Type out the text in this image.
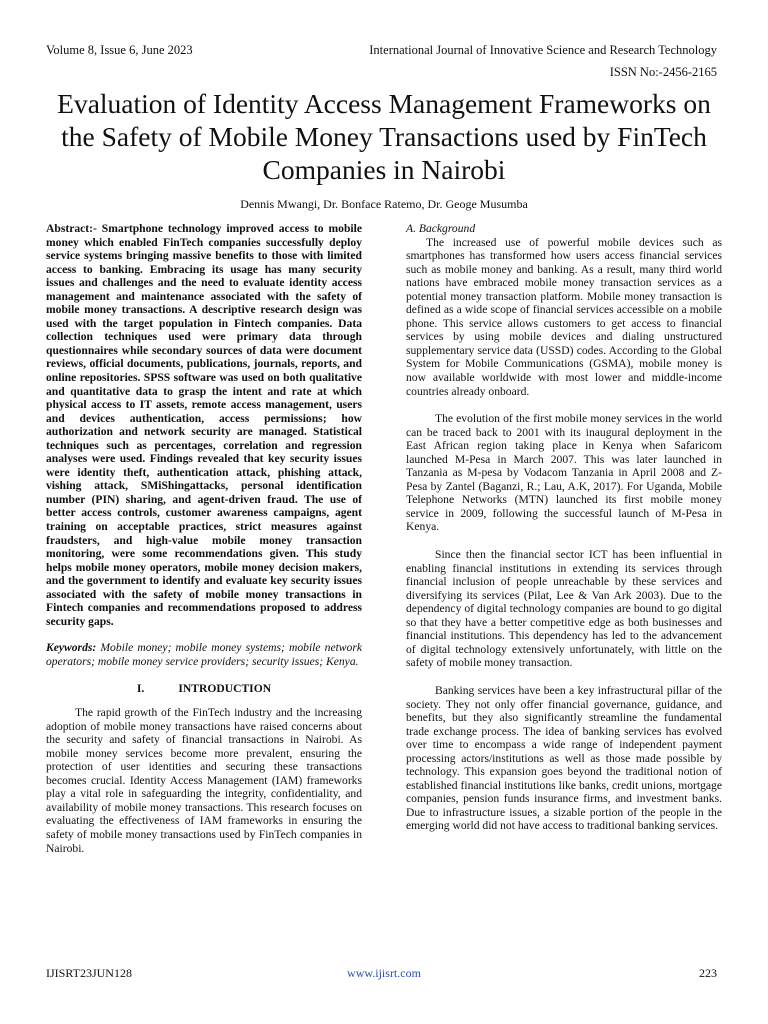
Volume 8, Issue 6, June 2023	International Journal of Innovative Science and Research Technology
ISSN No:-2456-2165
Evaluation of Identity Access Management Frameworks on the Safety of Mobile Money Transactions used by FinTech Companies in Nairobi
Dennis Mwangi, Dr. Bonface Ratemo, Dr. Geoge Musumba

Abstract:- Smartphone technology improved access to mobile money which enabled FinTech companies successfully deploy service systems bringing massive benefits to those with limited access to banking. Embracing its usage has many security issues and challenges and the need to evaluate identity access management and maintenance associated with the safety of mobile money transactions. A descriptive research design was used with the target population in Fintech companies. Data collection techniques used were primary data through questionnaires while secondary sources of data were document reviews, official documents, publications, journals, reports, and online repositories. SPSS software was used on both qualitative and quantitative data to grasp the intent and rate at which physical access to IT assets, remote access management, users and devices authentication, access permissions; how authorization and network security are managed. Statistical techniques such as percentages, correlation and regression analyses were used. Findings revealed that key security issues were identity theft, authentication attack, phishing attack, vishing attack, SMiShingattacks, personal identification number (PIN) sharing, and agent-driven fraud. The use of better access controls, customer awareness campaigns, agent training on acceptable practices, strict measures against fraudsters, and high-value mobile money transaction monitoring, were some recommendations given. This study helps mobile money operators, mobile money decision makers, and the government to identify and evaluate key security issues associated with the safety of mobile money transactions in Fintech companies and recommendations proposed to address security gaps.

Keywords: Mobile money; mobile money systems; mobile network operators; mobile money service providers; security issues; Kenya.

I.	INTRODUCTION

The rapid growth of the FinTech industry and the increasing adoption of mobile money transactions have raised concerns about the security and safety of financial transactions in Nairobi. As mobile money services become more prevalent, ensuring the protection of user identities and securing these transactions becomes crucial. Identity Access Management (IAM) frameworks play a vital role in safeguarding the integrity, confidentiality, and availability of mobile money transactions. This research focuses on evaluating the effectiveness of IAM frameworks in ensuring the safety of mobile money transactions used by FinTech companies in Nairobi.

A. Background

The increased use of powerful mobile devices such as smartphones has transformed how users access financial services such as mobile money and banking. As a result, many third world nations have embraced mobile money transaction services as a potential money transaction platform. Mobile money transaction is defined as a wide scope of financial services accessible on a mobile phone. This service allows customers to get access to financial services by using mobile devices and dialing unstructured supplementary service data (USSD) codes. According to the Global System for Mobile Communications (GSMA), mobile money is now available worldwide with most lower and middle-income countries already onboard.

The evolution of the first mobile money services in the world can be traced back to 2001 with its inaugural deployment in the East African region taking place in Kenya when Safaricom launched M-Pesa in March 2007. This was later launched in Tanzania as M-pesa by Vodacom Tanzania in April 2008 and Z-Pesa by Zantel (Baganzi, R.; Lau, A.K, 2017). For Uganda, Mobile Telephone Networks (MTN) launched its first mobile money service in 2009, following the successful launch of M-Pesa in Kenya.

Since then the financial sector ICT has been influential in enabling financial institutions in extending its services through financial inclusion of people unreachable by these services and diversifying its services (Pilat, Lee & Van Ark 2003). Due to the dependency of digital technology companies are bound to go digital so that they have a better competitive edge as both businesses and financial institutions. This dependency has led to the advancement of digital technology extensively unfortunately, with little on the safety of mobile money transaction.

Banking services have been a key infrastructural pillar of the society. They not only offer financial governance, guidance, and benefits, but they also significantly streamline the fundamental trade exchange process. The idea of banking services has evolved over time to encompass a wide range of independent payment processing actors/institutions as well as those made possible by technology. This expansion goes beyond the traditional notion of established financial institutions like banks, credit unions, mortgage companies, pension funds insurance firms, and investment banks. Due to infrastructure issues, a sizable portion of the people in the emerging world did not have access to traditional banking services.

IJISRT23JUN128	www.ijisrt.com	223
